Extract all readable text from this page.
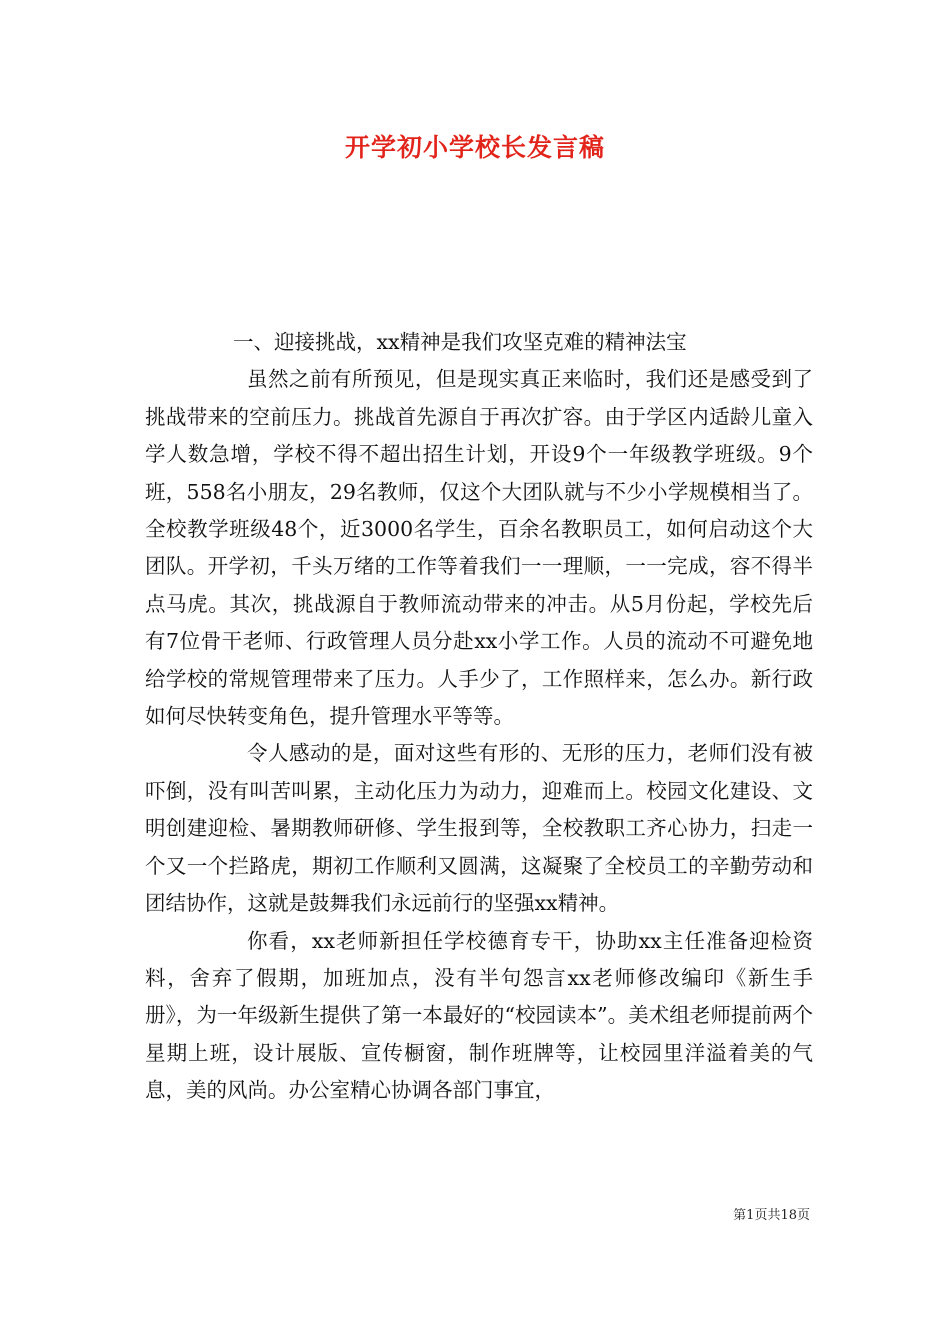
开学初小学校长发言稿

一、迎接挑战，xx精神是我们攻坚克难的精神法宝

虽然之前有所预见，但是现实真正来临时，我们还是感受到了挑战带来的空前压力。挑战首先源自于再次扩容。由于学区内适龄儿童入学人数急增，学校不得不超出招生计划，开设9个一年级教学班级。9个班，558名小朋友，29名教师，仅这个大团队就与不少小学规模相当了。全校教学班级48个，近3000名学生，百余名教职员工，如何启动这个大团队。开学初，千头万绪的工作等着我们一一理顺，一一完成，容不得半点马虎。其次，挑战源自于教师流动带来的冲击。从5月份起，学校先后有7位骨干老师、行政管理人员分赴xx小学工作。人员的流动不可避免地给学校的常规管理带来了压力。人手少了，工作照样来，怎么办。新行政如何尽快转变角色，提升管理水平等等。

令人感动的是，面对这些有形的、无形的压力，老师们没有被吓倒，没有叫苦叫累，主动化压力为动力，迎难而上。校园文化建设、文明创建迎检、暑期教师研修、学生报到等，全校教职工齐心协力，扫走一个又一个拦路虎，期初工作顺利又圆满，这凝聚了全校员工的辛勤劳动和团结协作，这就是鼓舞我们永远前行的坚强xx精神。

你看，xx老师新担任学校德育专干，协助xx主任准备迎检资料，舍弃了假期，加班加点，没有半句怨言xx老师修改编印《新生手册》，为一年级新生提供了第一本最好的“校园读本”。美术组老师提前两个星期上班，设计展版、宣传橱窗，制作班牌等，让校园里洋溢着美的气息，美的风尚。办公室精心协调各部门事宜，

第1页共18页
